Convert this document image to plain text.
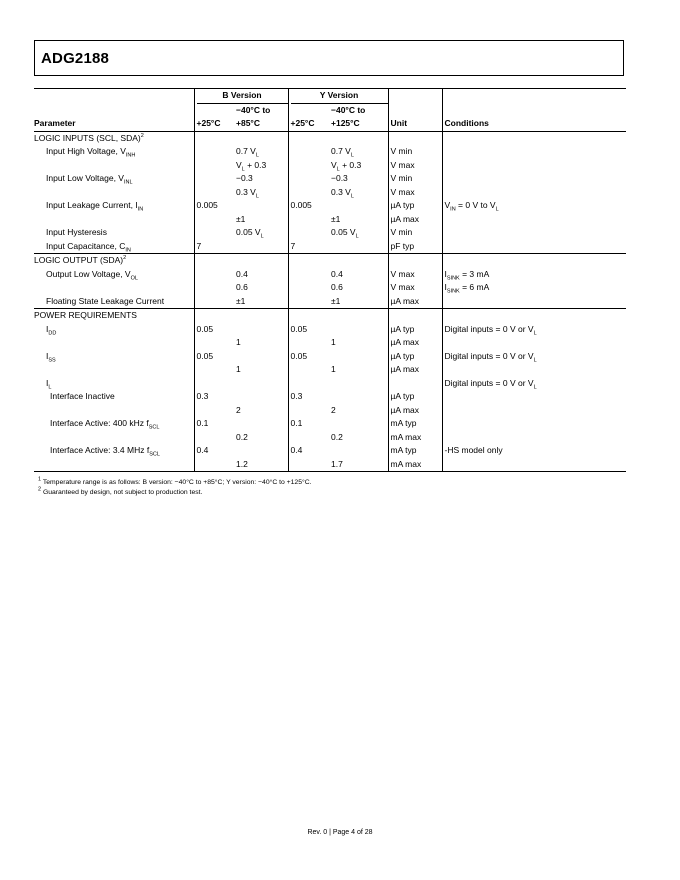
ADG2188

	B Version		Y Version			

		−40°C to		−40°C to		
Parameter	+25°C	+85°C	+25°C	+125°C	Unit	Conditions
LOGIC INPUTS (SCL, SDA)$^2$						
Input High Voltage, $V_{INH}$		0.7 $V_L$		0.7 $V_L$	V min	
		$V_L + 0.3$		$V_L + 0.3$	V max	
Input Low Voltage, $V_{INL}$		−0.3		−0.3	V min	
		0.3 $V_L$		0.3 $V_L$	V max	
Input Leakage Current, $I_{IN}$	0.005		0.005		µA typ	$V_{IN} = 0$ V to $V_L$
		±1		±1	µA max	
Input Hysteresis		0.05 $V_L$		0.05 $V_L$	V min	
Input Capacitance, $C_{IN}$	7		7		pF typ	
LOGIC OUTPUT (SDA)$^2$						
Output Low Voltage, $V_{OL}$		0.4		0.4	V max	$I_{SINK} = 3$ mA
		0.6		0.6	V max	$I_{SINK} = 6$ mA
Floating State Leakage Current		±1		±1	µA max	
POWER REQUIREMENTS						
$I_{DD}$	0.05		0.05		µA typ	Digital inputs = 0 V or $V_L$
		1		1	µA max	
$I_{SS}$	0.05		0.05		µA typ	Digital inputs = 0 V or $V_L$
		1		1	µA max	
$I_L$						Digital inputs = 0 V or $V_L$
Interface Inactive	0.3		0.3		µA typ	
		2		2	µA max	
Interface Active: 400 kHz $f_{SCL}$	0.1		0.1		mA typ	
		0.2		0.2	mA max	
Interface Active: 3.4 MHz $f_{SCL}$	0.4		0.4		mA typ	-HS model only
		1.2		1.7	mA max	
$^1$ Temperature range is as follows: B version: −40°C to +85°C; Y version: −40°C to +125°C.
$^2$ Guaranteed by design, not subject to production test.
Rev. 0 | Page 4 of 28
